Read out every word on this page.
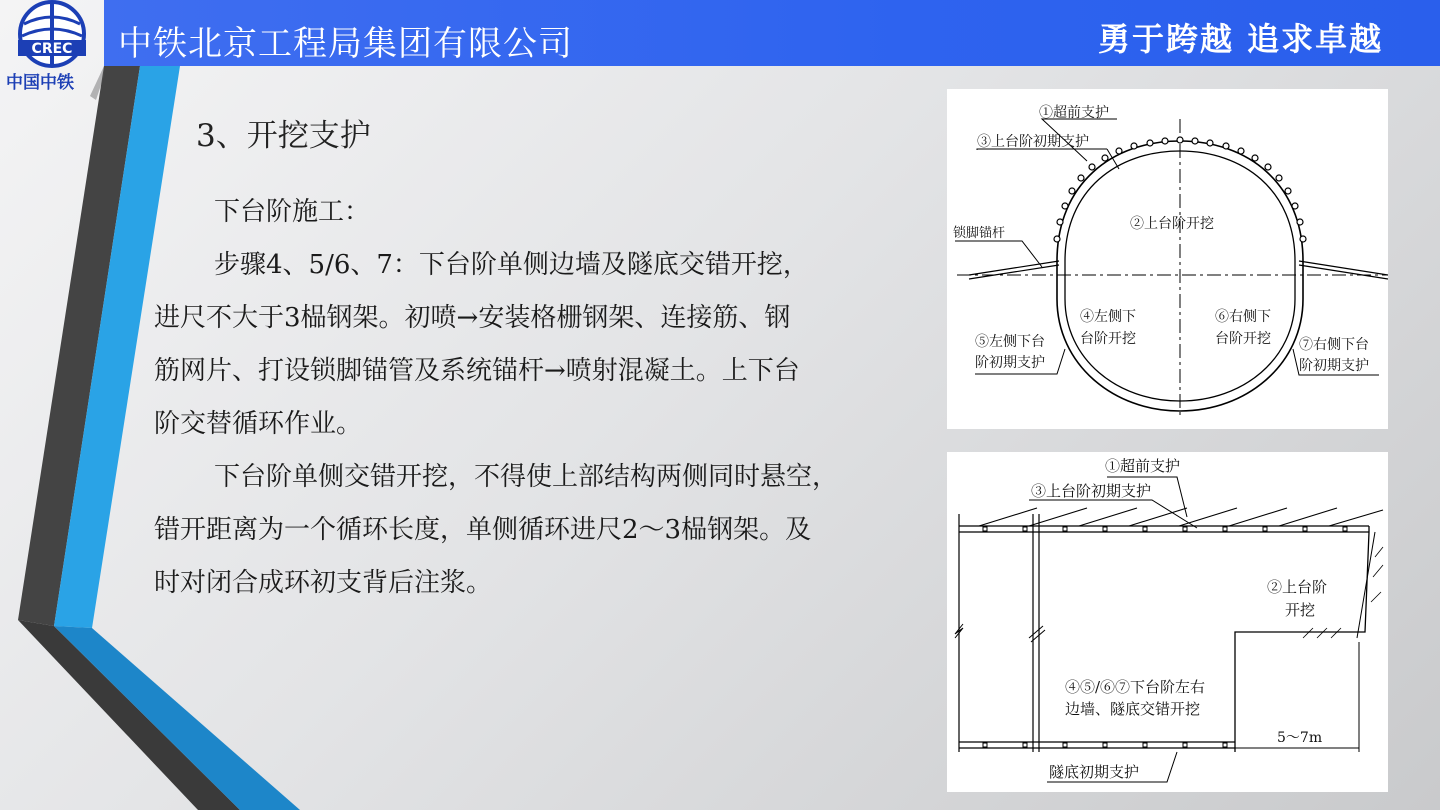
中铁北京工程局集团有限公司	勇于跨越 追求卓越
CREC
中国中铁
3、开挖支护
下台阶施工：
步骤4、5/6、7：下台阶单侧边墙及隧底交错开挖，
进尺不大于3榀钢架。初喷→安装格栅钢架、连接筋、钢
筋网片、打设锁脚锚管及系统锚杆→喷射混凝土。上下台
阶交替循环作业。
下台阶单侧交错开挖，不得使上部结构两侧同时悬空，
错开距离为一个循环长度，单侧循环进尺2～3榀钢架。及
时对闭合成环初支背后注浆。
①超前支护
③上台阶初期支护
②上台阶开挖
锁脚锚杆
④左侧下
台阶开挖
⑥右侧下
台阶开挖
⑤左侧下台
阶初期支护
⑦右侧下台
阶初期支护
①超前支护
③上台阶初期支护
②上台阶
开挖
④⑤/⑥⑦下台阶左右
边墙、隧底交错开挖
5～7m
隧底初期支护
